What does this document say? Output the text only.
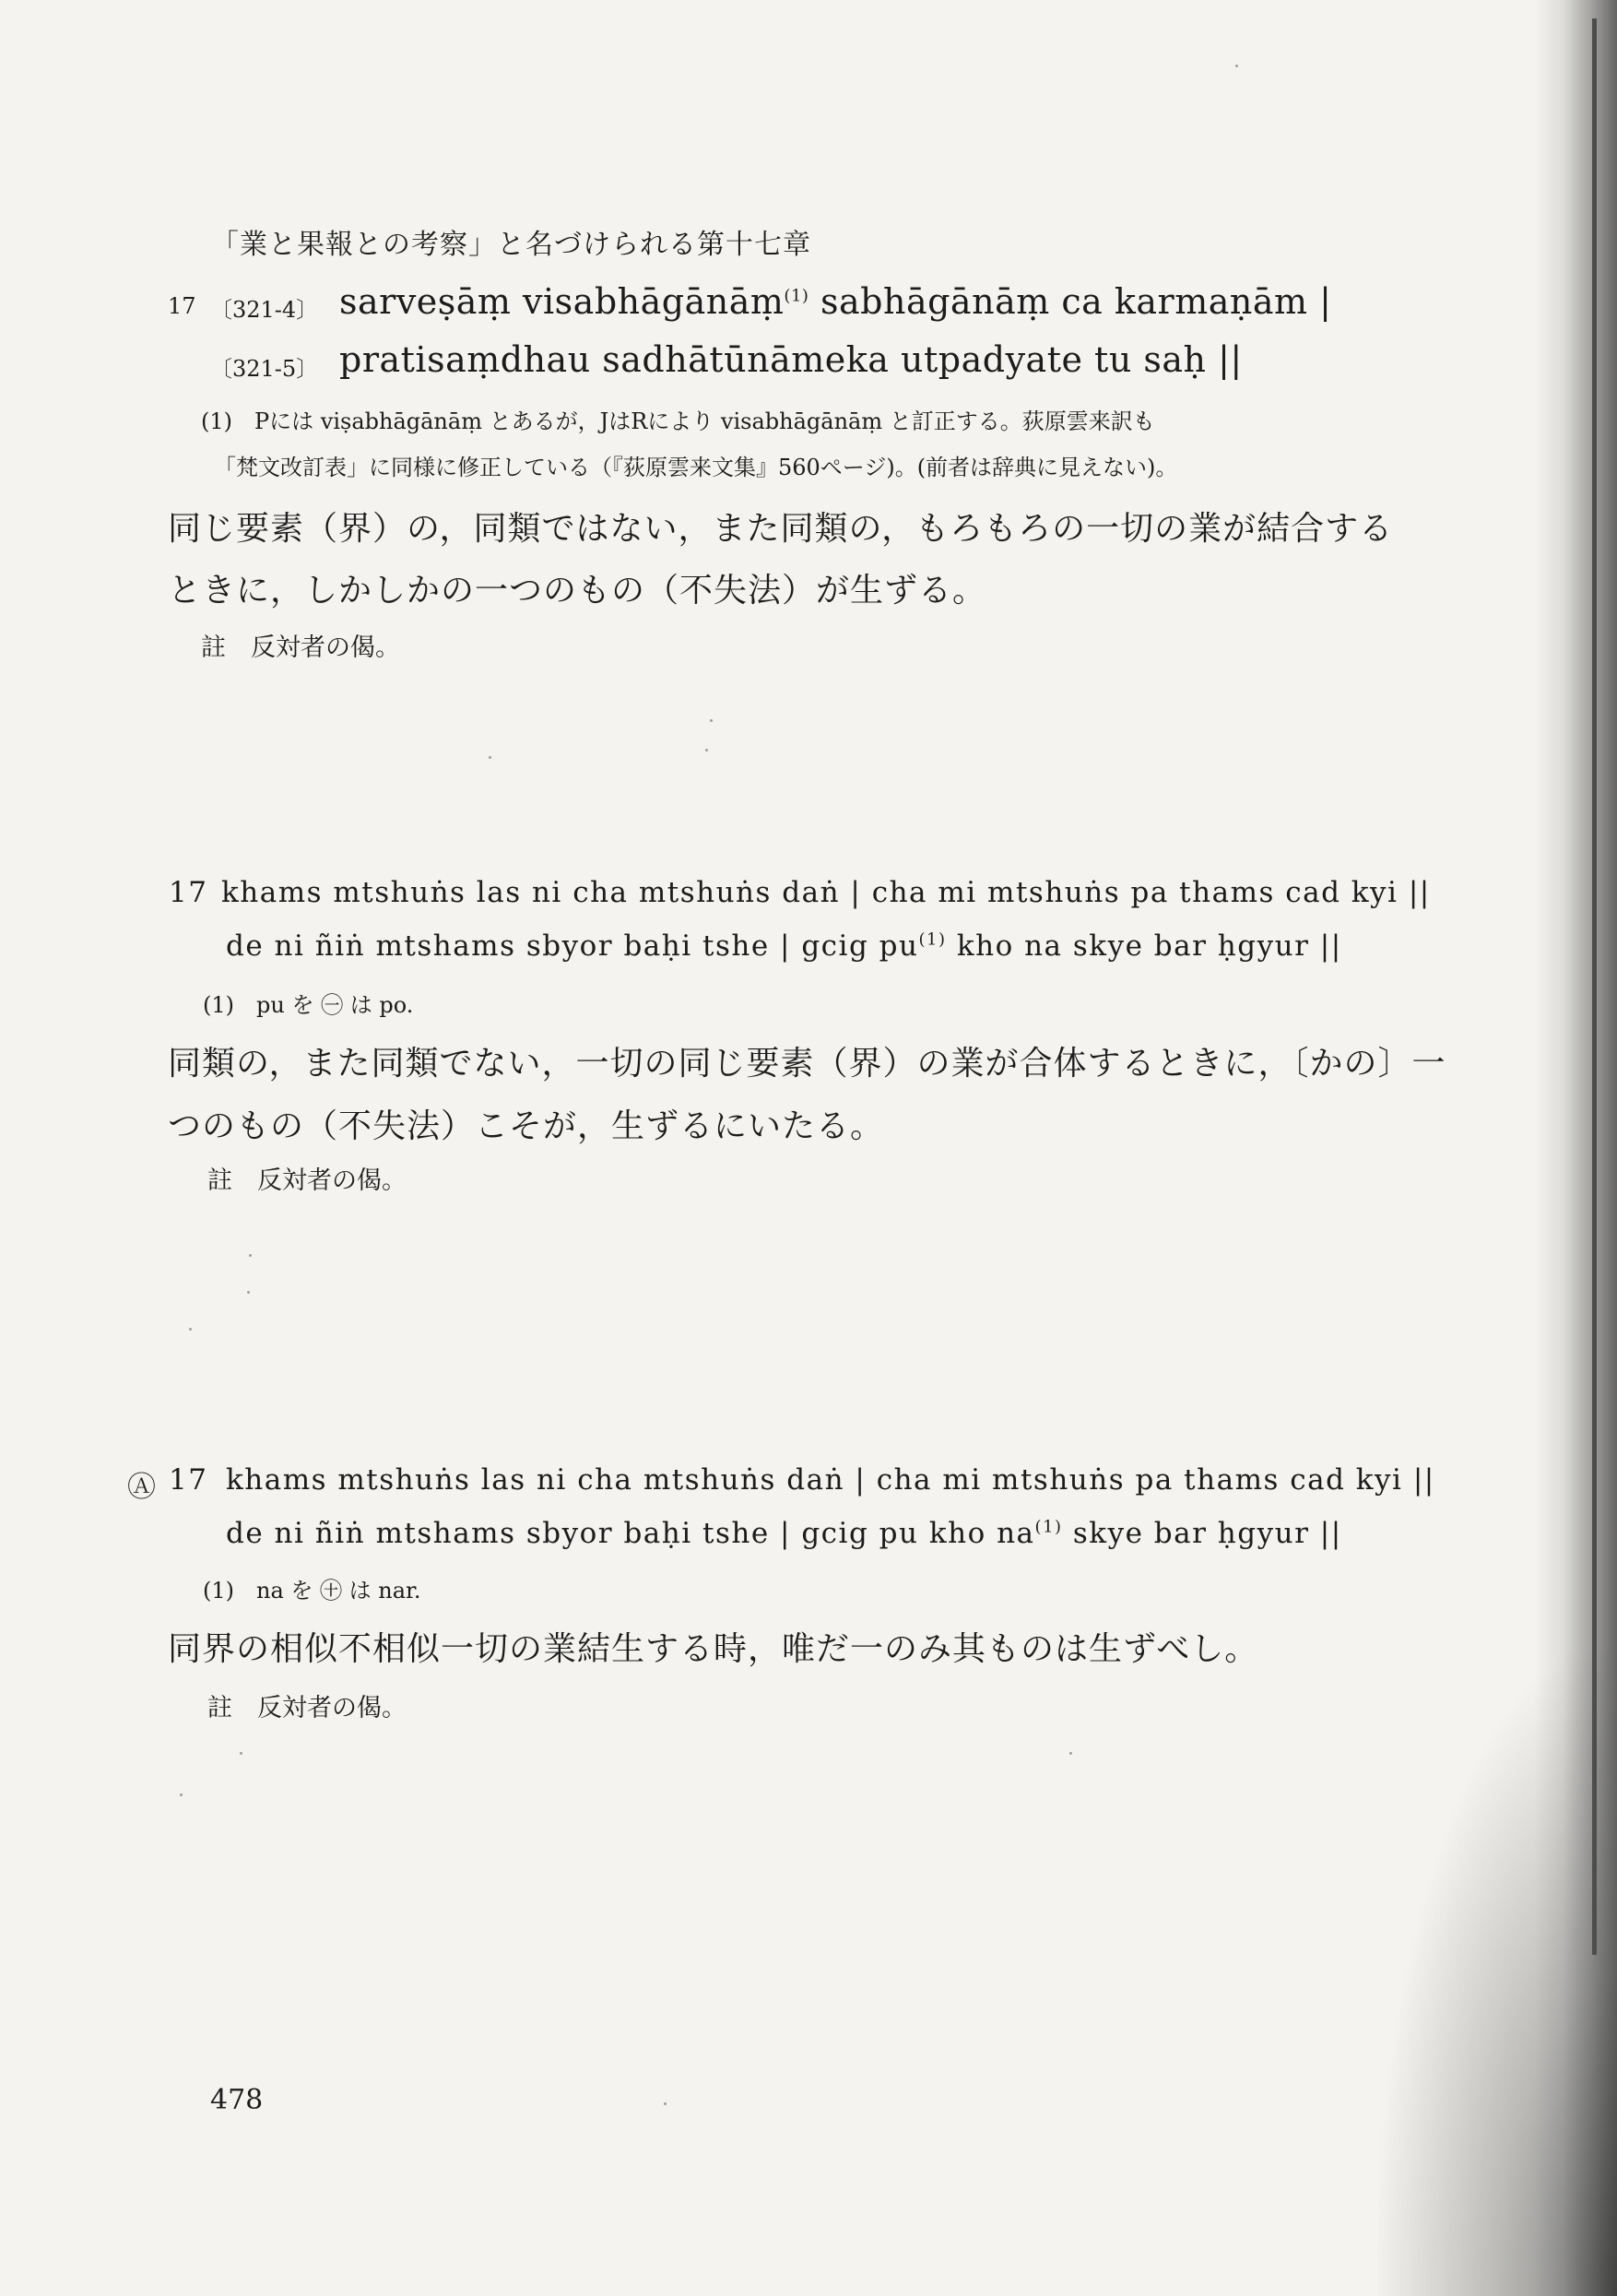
「業と果報との考察」と名づけられる第十七章

17 〔321-4〕 sarveṣāṃ visabhāgānāṃ$^{(1)}$ sabhāgānāṃ ca karmaṇām |

〔321-5〕 pratisaṃdhau sadhātūnāmeka utpadyate tu saḥ ||

(1)　Pには viṣabhāgānāṃ とあるが，JはRにより visabhāgānāṃ と訂正する。荻原雲来訳も

「梵文改訂表」に同様に修正している（『荻原雲来文集』560ページ)。(前者は辞典に見えない)。

同じ要素（界）の，同類ではない，また同類の，もろもろの一切の業が結合する

ときに，しかしかの一つのもの（不失法）が生ずる。

註　反対者の偈。

17 khams mtshuṅs las ni cha mtshuṅs daṅ | cha mi mtshuṅs pa thams cad kyi ||

de ni ñiṅ mtshams sbyor baḥi tshe | gcig $pu^{(1)}$ kho na skye bar ḥgyur ||

(1)　pu を ㊀ は po.

同類の，また同類でない，一切の同じ要素（界）の業が合体するときに，〔かの〕一

つのもの（不失法）こそが，生ずるにいたる。

註　反対者の偈。

Ⓐ 17 khams mtshuṅs las ni cha mtshuṅs daṅ | cha mi mtshuṅs pa thams cad kyi ||

de ni ñiṅ mtshams sbyor baḥi tshe | gcig pu kho $na^{(1)}$ skye bar ḥgyur ||

(1)　na を ㊉ は nar.

同界の相似不相似一切の業結生する時，唯だ一のみ其ものは生ずべし。

註　反対者の偈。

478
